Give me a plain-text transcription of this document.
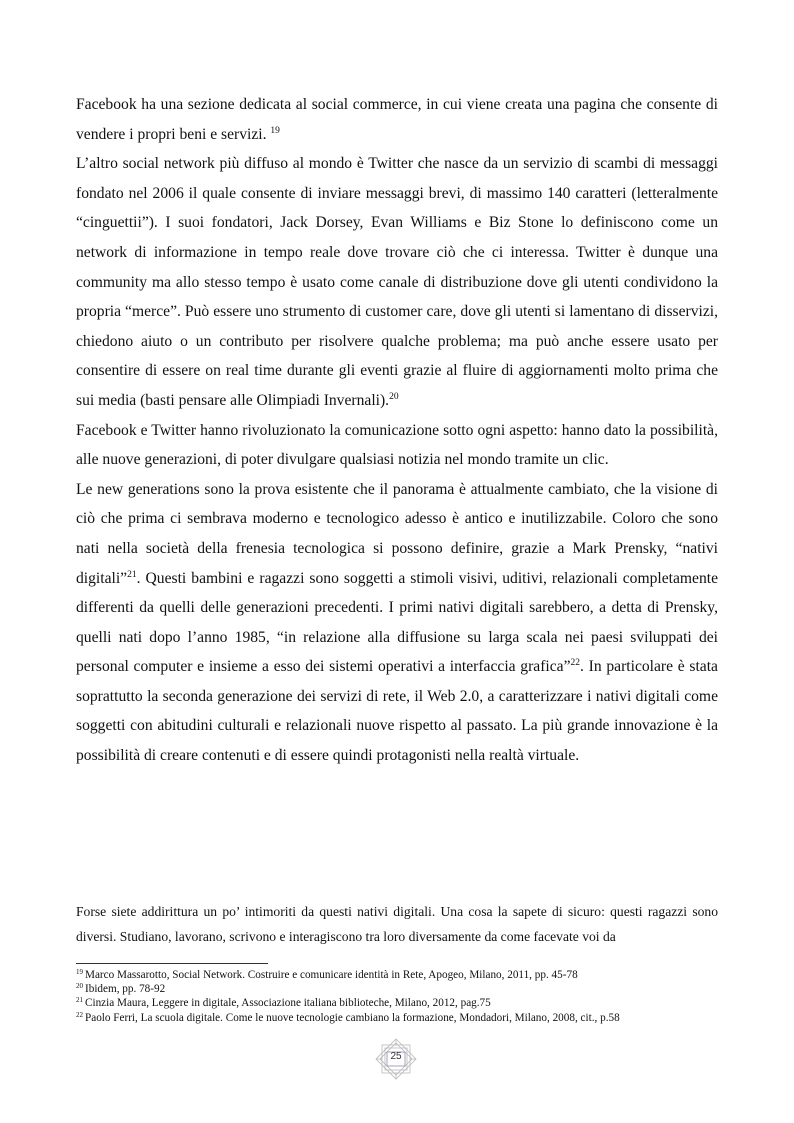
Facebook ha una sezione dedicata al social commerce, in cui viene creata una pagina che consente di vendere i propri beni e servizi. $^{19}$

L’altro social network più diffuso al mondo è Twitter che nasce da un servizio di scambi di messaggi fondato nel 2006 il quale consente di inviare messaggi brevi, di massimo 140 caratteri (letteralmente “cinguettii”). I suoi fondatori, Jack Dorsey, Evan Williams e Biz Stone lo definiscono come un network di informazione in tempo reale dove trovare ciò che ci interessa. Twitter è dunque una community ma allo stesso tempo è usato come canale di distribuzione dove gli utenti condividono la propria “merce”. Può essere uno strumento di customer care, dove gli utenti si lamentano di disservizi, chiedono aiuto o un contributo per risolvere qualche problema; ma può anche essere usato per consentire di essere on real time durante gli eventi grazie al fluire di aggiornamenti molto prima che sui media (basti pensare alle Olimpiadi Invernali).$^{20}$

Facebook e Twitter hanno rivoluzionato la comunicazione sotto ogni aspetto: hanno dato la possibilità, alle nuove generazioni, di poter divulgare qualsiasi notizia nel mondo tramite un clic.

Le new generations sono la prova esistente che il panorama è attualmente cambiato, che la visione di ciò che prima ci sembrava moderno e tecnologico adesso è antico e inutilizzabile. Coloro che sono nati nella società della frenesia tecnologica si possono definire, grazie a Mark Prensky, “nativi digitali”$^{21}$. Questi bambini e ragazzi sono soggetti a stimoli visivi, uditivi, relazionali completamente differenti da quelli delle generazioni precedenti. I primi nativi digitali sarebbero, a detta di Prensky, quelli nati dopo l’anno 1985, “in relazione alla diffusione su larga scala nei paesi sviluppati dei personal computer e insieme a esso dei sistemi operativi a interfaccia grafica”$^{22}$. In particolare è stata soprattutto la seconda generazione dei servizi di rete, il Web 2.0, a caratterizzare i nativi digitali come soggetti con abitudini culturali e relazionali nuove rispetto al passato. La più grande innovazione è la possibilità di creare contenuti e di essere quindi protagonisti nella realtà virtuale.

Forse siete addirittura un po’ intimoriti da questi nativi digitali. Una cosa la sapete di sicuro: questi ragazzi sono diversi. Studiano, lavorano, scrivono e interagiscono tra loro diversamente da come facevate voi da

$^{19}$ Marco Massarotto, Social Network. Costruire e comunicare identità in Rete, Apogeo, Milano, 2011, pp. 45-78

$^{20}$ Ibidem, pp. 78-92

$^{21}$ Cinzia Maura, Leggere in digitale, Associazione italiana biblioteche, Milano, 2012, pag.75

$^{22}$ Paolo Ferri, La scuola digitale. Come le nuove tecnologie cambiano la formazione, Mondadori, Milano, 2008, cit., p.58

25
